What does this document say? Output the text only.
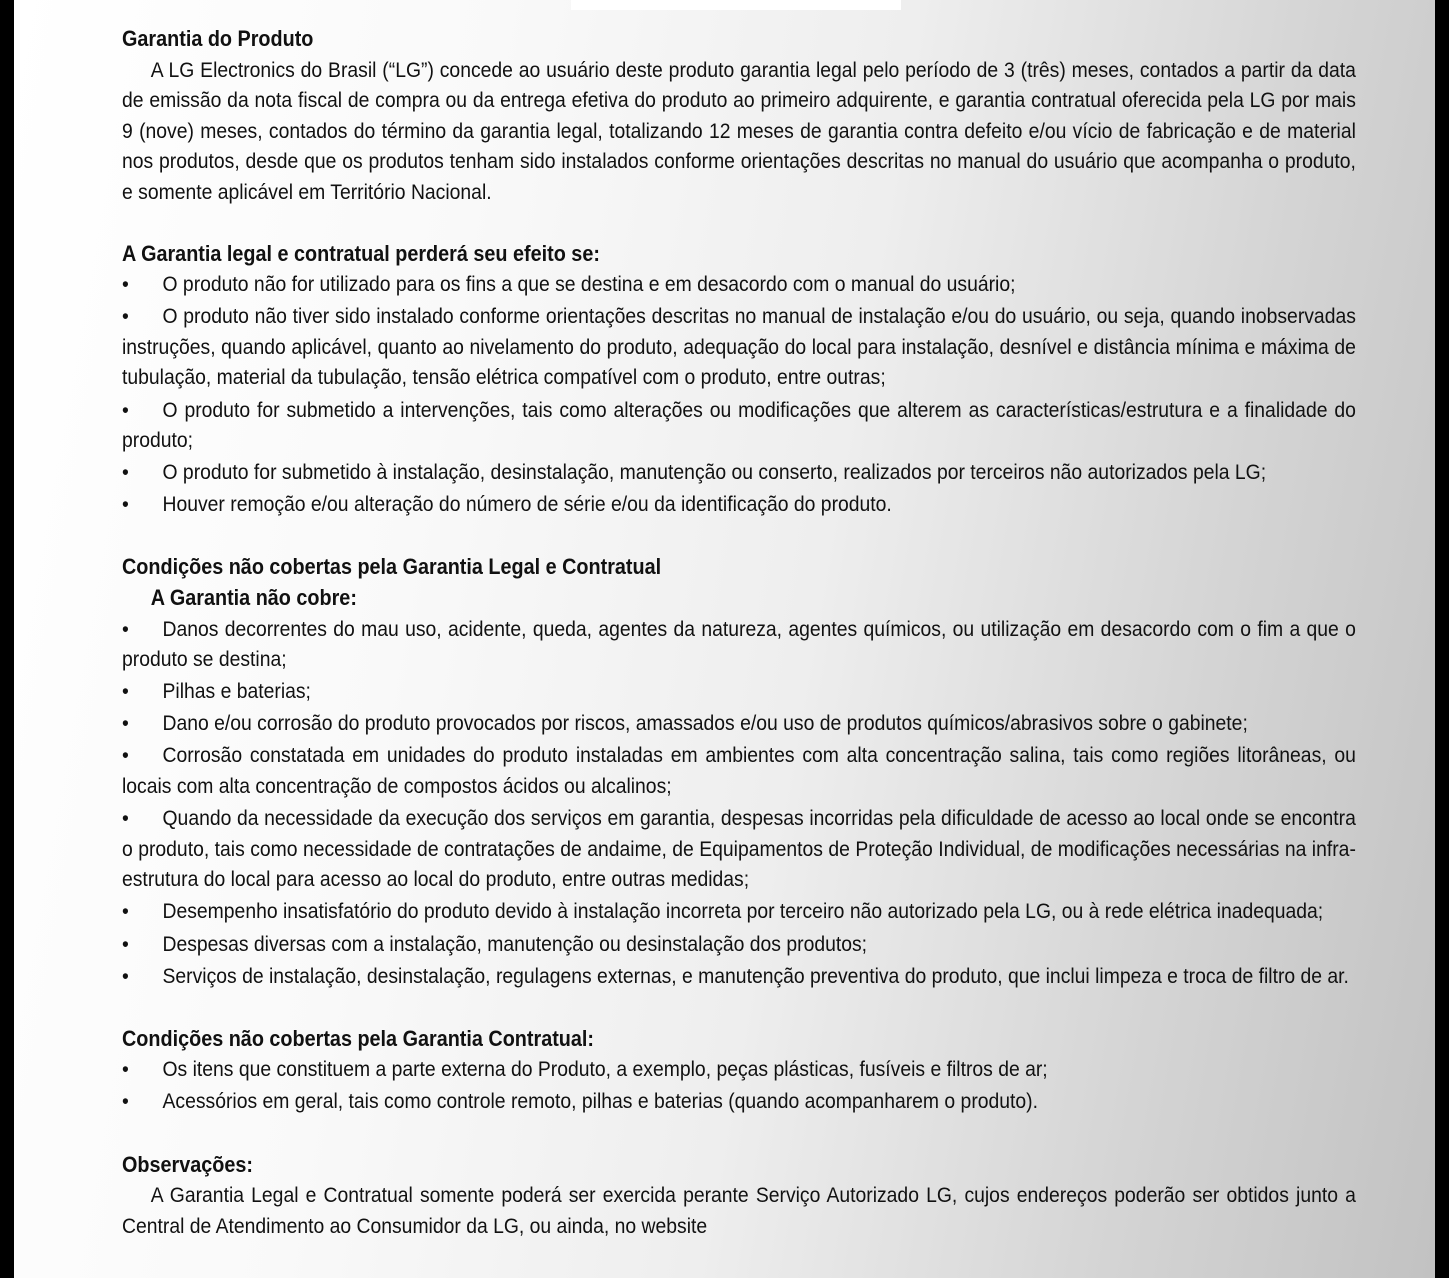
Garantia do Produto

A LG Electronics do Brasil (“LG”) concede ao usuário deste produto garantia legal pelo período de 3 (três) meses, contados a partir da data de emissão da nota fiscal de compra ou da entrega efetiva do produto ao primeiro adquirente, e garantia contratual oferecida pela LG por mais 9 (nove) meses, contados do término da garantia legal, totalizando 12 meses de garantia contra defeito e/ou vício de fabricação e de material nos produtos, desde que os produtos tenham sido instalados conforme orientações descritas no manual do usuário que acompanha o produto, e somente aplicável em Território Nacional.

A Garantia legal e contratual perderá seu efeito se:
• O produto não for utilizado para os fins a que se destina e em desacordo com o manual do usuário;
• O produto não tiver sido instalado conforme orientações descritas no manual de instalação e/ou do usuário, ou seja, quando inobservadas instruções, quando aplicável, quanto ao nivelamento do produto, adequação do local para instalação, desnível e distância mínima e máxima de tubulação, material da tubulação, tensão elétrica compatível com o produto, entre outras;
• O produto for submetido a intervenções, tais como alterações ou modificações que alterem as características/estrutura e a finalidade do produto;
• O produto for submetido à instalação, desinstalação, manutenção ou conserto, realizados por terceiros não autorizados pela LG;
• Houver remoção e/ou alteração do número de série e/ou da identificação do produto.
Condições não cobertas pela Garantia Legal e Contratual
A Garantia não cobre:
• Danos decorrentes do mau uso, acidente, queda, agentes da natureza, agentes químicos, ou utilização em desacordo com o fim a que o produto se destina;
• Pilhas e baterias;
• Dano e/ou corrosão do produto provocados por riscos, amassados e/ou uso de produtos químicos/abrasivos sobre o gabinete;
• Corrosão constatada em unidades do produto instaladas em ambientes com alta concentração salina, tais como regiões litorâneas, ou locais com alta concentração de compostos ácidos ou alcalinos;
• Quando da necessidade da execução dos serviços em garantia, despesas incorridas pela dificuldade de acesso ao local onde se encontra o produto, tais como necessidade de contratações de andaime, de Equipamentos de Proteção Individual, de modificações necessárias na infra-estrutura do local para acesso ao local do produto, entre outras medidas;
• Desempenho insatisfatório do produto devido à instalação incorreta por terceiro não autorizado pela LG, ou à rede elétrica inadequada;
• Despesas diversas com a instalação, manutenção ou desinstalação dos produtos;
• Serviços de instalação, desinstalação, regulagens externas, e manutenção preventiva do produto, que inclui limpeza e troca de filtro de ar.
Condições não cobertas pela Garantia Contratual:
• Os itens que constituem a parte externa do Produto, a exemplo, peças plásticas, fusíveis e filtros de ar;
• Acessórios em geral, tais como controle remoto, pilhas e baterias (quando acompanharem o produto).
Observações:

A Garantia Legal e Contratual somente poderá ser exercida perante Serviço Autorizado LG, cujos endereços poderão ser obtidos junto a Central de Atendimento ao Consumidor da LG, ou ainda, no website
